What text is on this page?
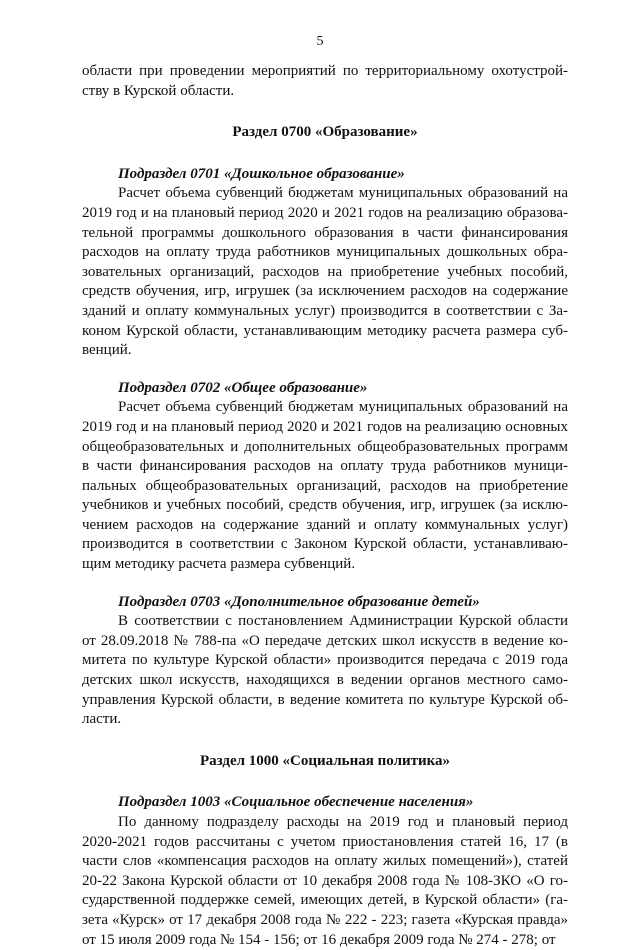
5

области при проведении мероприятий по территориальному охотустрой-ству в Курской области.

Раздел 0700 «Образование»

Подраздел 0701 «Дошкольное образование»

Расчет объема субвенций бюджетам муниципальных образований на 2019 год и на плановый период 2020 и 2021 годов на реализацию образова-тельной программы дошкольного образования в части финансирования расходов на оплату труда работников муниципальных дошкольных обра-зовательных организаций, расходов на приобретение учебных пособий, средств обучения, игр, игрушек (за исключением расходов на содержание зданий и оплату коммунальных услуг) производится в соответствии с За-коном Курской области, устанавливающим методику расчета размера суб-венций.

Подраздел 0702 «Общее образование»

Расчет объема субвенций бюджетам муниципальных образований на 2019 год и на плановый период 2020 и 2021 годов на реализацию основных общеобразовательных и дополнительных общеобразовательных программ в части финансирования расходов на оплату труда работников муници-пальных общеобразовательных организаций, расходов на приобретение учебников и учебных пособий, средств обучения, игр, игрушек (за исклю-чением расходов на содержание зданий и оплату коммунальных услуг) производится в соответствии с Законом Курской области, устанавливаю-щим методику расчета размера субвенций.

Подраздел 0703 «Дополнительное образование детей»

В соответствии с постановлением Администрации Курской области от 28.09.2018 № 788-па «О передаче детских школ искусств в ведение ко-митета по культуре Курской области» производится передача с 2019 года детских школ искусств, находящихся в ведении органов местного само-управления Курской области, в ведение комитета по культуре Курской об-ласти.

Раздел 1000 «Социальная политика»

Подраздел 1003 «Социальное обеспечение населения»

По данному подразделу расходы на 2019 год и плановый период 2020-2021 годов рассчитаны с учетом приостановления статей 16, 17 (в части слов «компенсация расходов на оплату жилых помещений»), статей 20-22 Закона Курской области от 10 декабря 2008 года № 108-ЗКО «О го-сударственной поддержке семей, имеющих детей, в Курской области» (га-зета «Курск» от 17 декабря 2008 года № 222 - 223; газета «Курская правда» от 15 июля 2009 года № 154 - 156; от 16 декабря 2009 года № 274 - 278; от
